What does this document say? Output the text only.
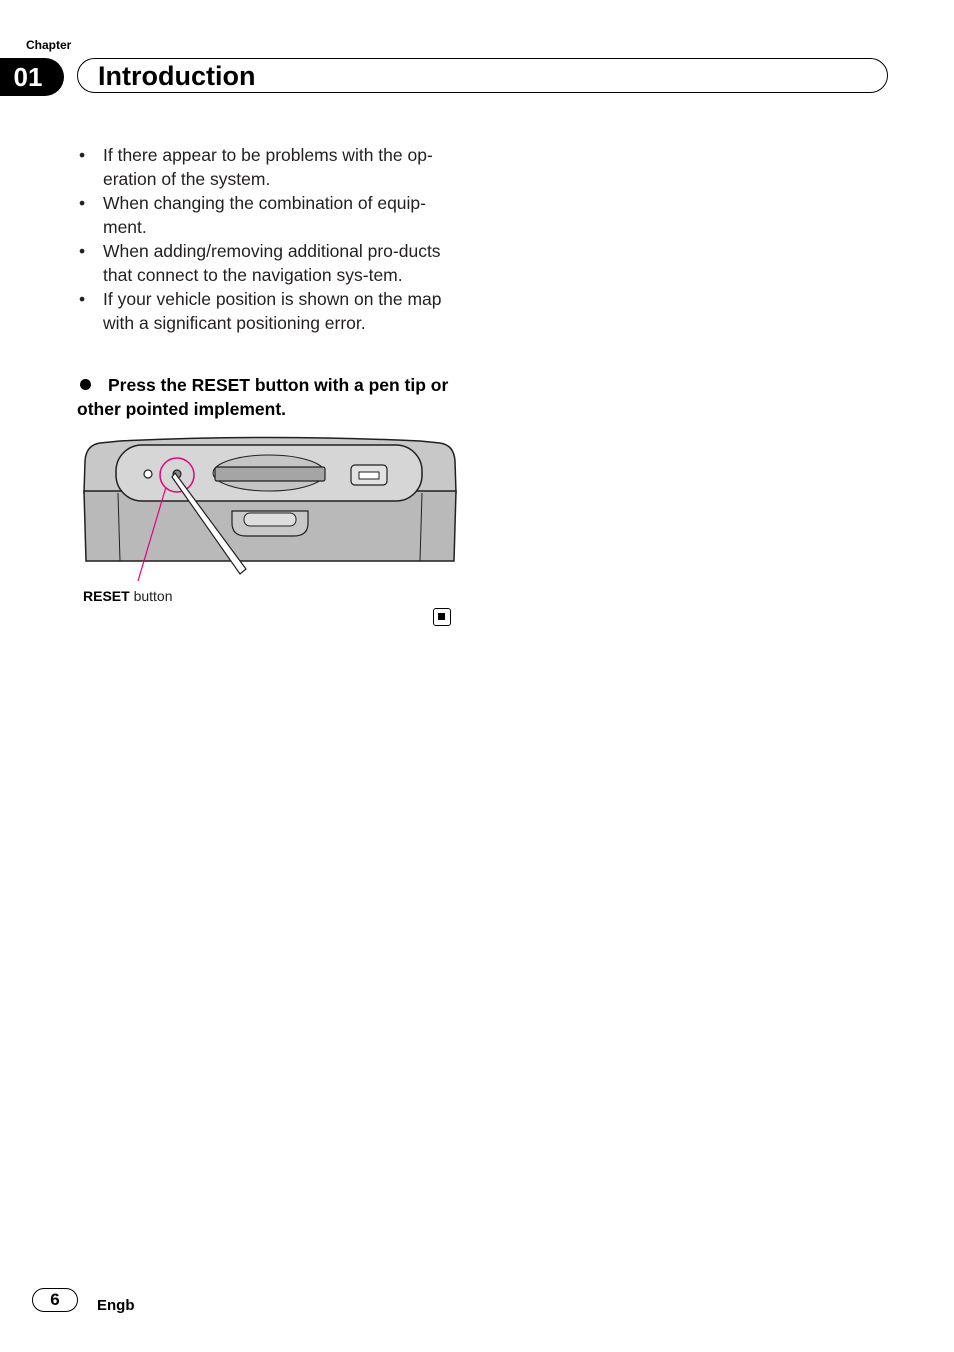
Chapter
01	Introduction
• If there appear to be problems with the op-eration of the system.
• When changing the combination of equip-ment.
• When adding/removing additional pro-ducts that connect to the navigation sys-tem.
• If your vehicle position is shown on the map with a significant positioning error.
Press the RESET button with a pen tip or other pointed implement.
RESET button
6	Engb
